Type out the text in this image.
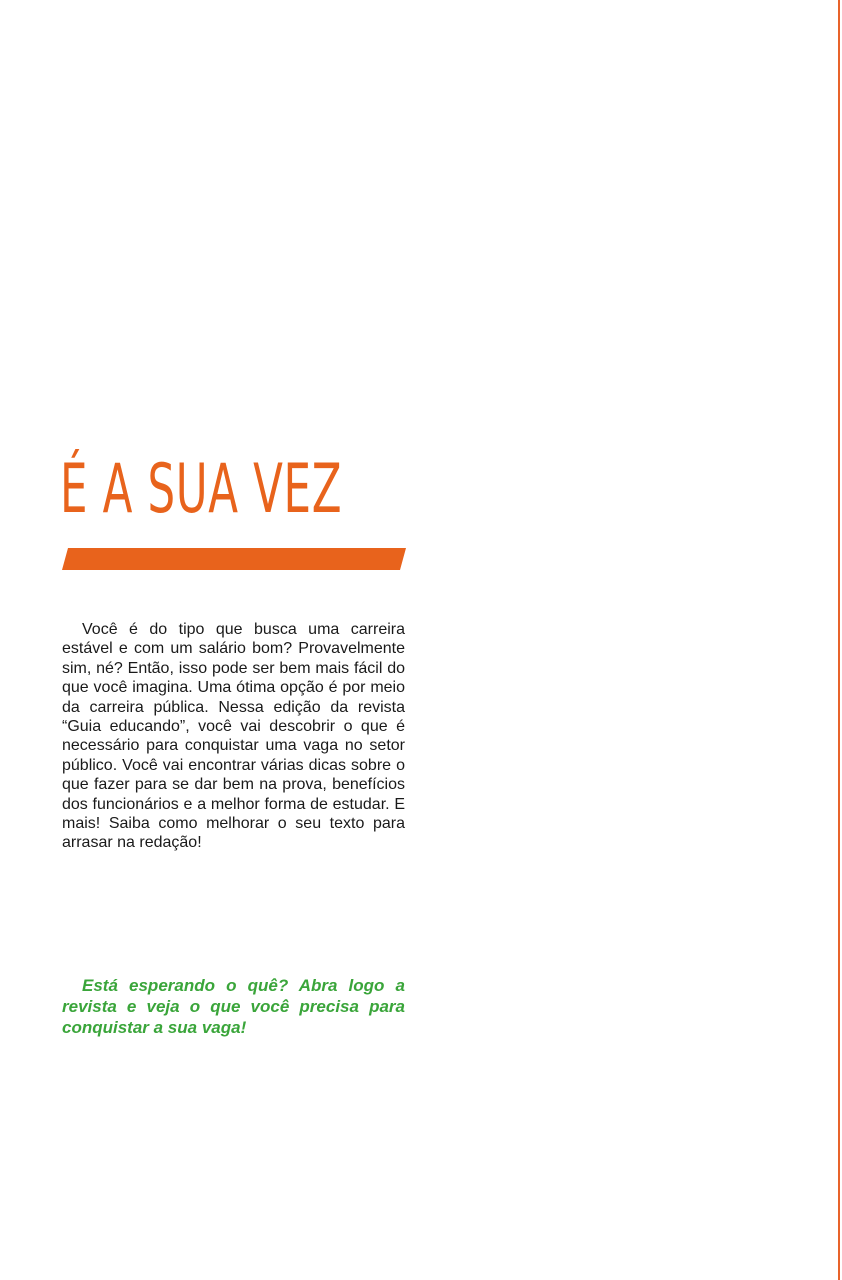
É A SUA VEZ

Você é do tipo que busca uma carreira estável e com um salário bom? Provavelmente sim, né? Então, isso pode ser bem mais fácil do que você imagina. Uma ótima opção é por meio da carreira pública. Nessa edição da revista “Guia educando”, você vai descobrir o que é necessário para conquistar uma vaga no setor público. Você vai encontrar várias dicas sobre o que fazer para se dar bem na prova, benefícios dos funcionários e a melhor forma de estudar. E mais! Saiba como melhorar o seu texto para arrasar na redação!

Está esperando o quê? Abra logo a revista e veja o que você precisa para conquistar a sua vaga!
